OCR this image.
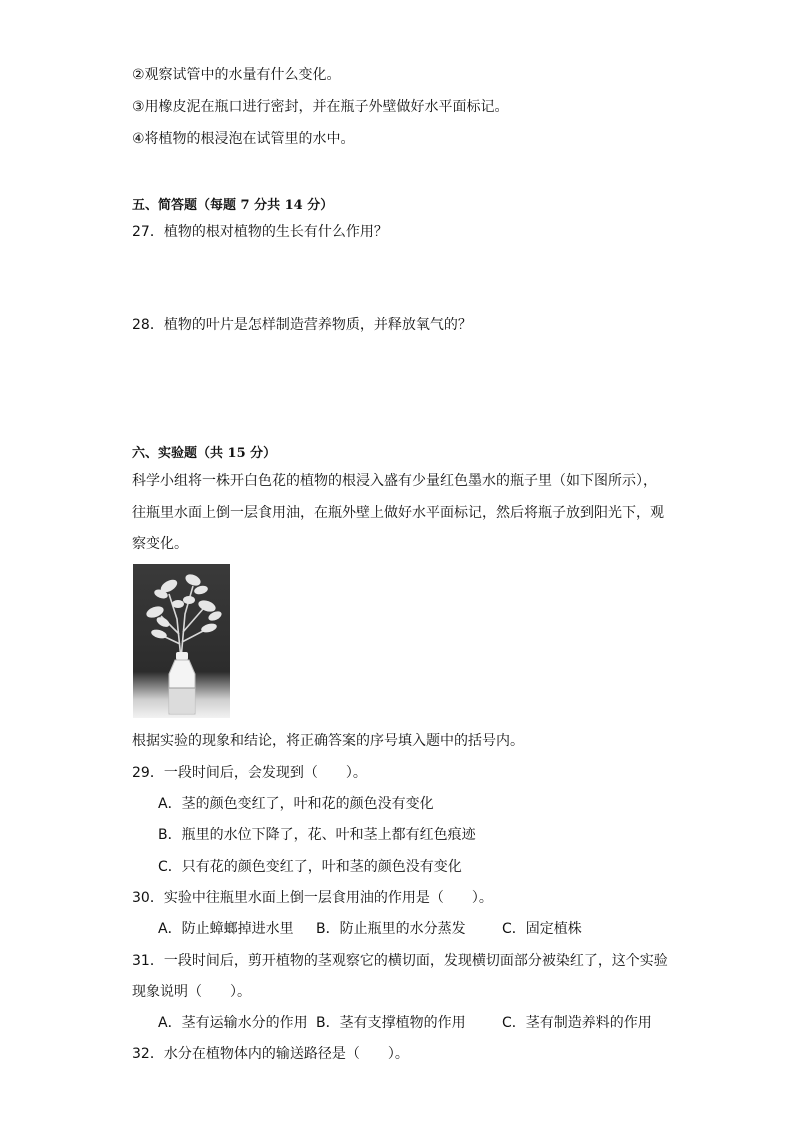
②观察试管中的水量有什么变化。

③用橡皮泥在瓶口进行密封，并在瓶子外壁做好水平面标记。

④将植物的根浸泡在试管里的水中。

五、简答题（每题 7 分共 14 分）

27．植物的根对植物的生长有什么作用？

28．植物的叶片是怎样制造营养物质，并释放氧气的？

六、实验题（共 15 分）

科学小组将一株开白色花的植物的根浸入盛有少量红色墨水的瓶子里（如下图所示），

往瓶里水面上倒一层食用油，在瓶外壁上做好水平面标记，然后将瓶子放到阳光下，观

察变化。

根据实验的现象和结论，将正确答案的序号填入题中的括号内。

29．一段时间后，会发现到（　　）。

A．茎的颜色变红了，叶和花的颜色没有变化

B．瓶里的水位下降了，花、叶和茎上都有红色痕迹

C．只有花的颜色变红了，叶和茎的颜色没有变化

30．实验中往瓶里水面上倒一层食用油的作用是（　　）。

A．防止蟑螂掉进水里 B．防止瓶里的水分蒸发	C．固定植株

31．一段时间后，剪开植物的茎观察它的横切面，发现横切面部分被染红了，这个实验

现象说明（　　）。

A．茎有运输水分的作用 B．茎有支撑植物的作用	C．茎有制造养料的作用

32．水分在植物体内的输送路径是（　　）。
